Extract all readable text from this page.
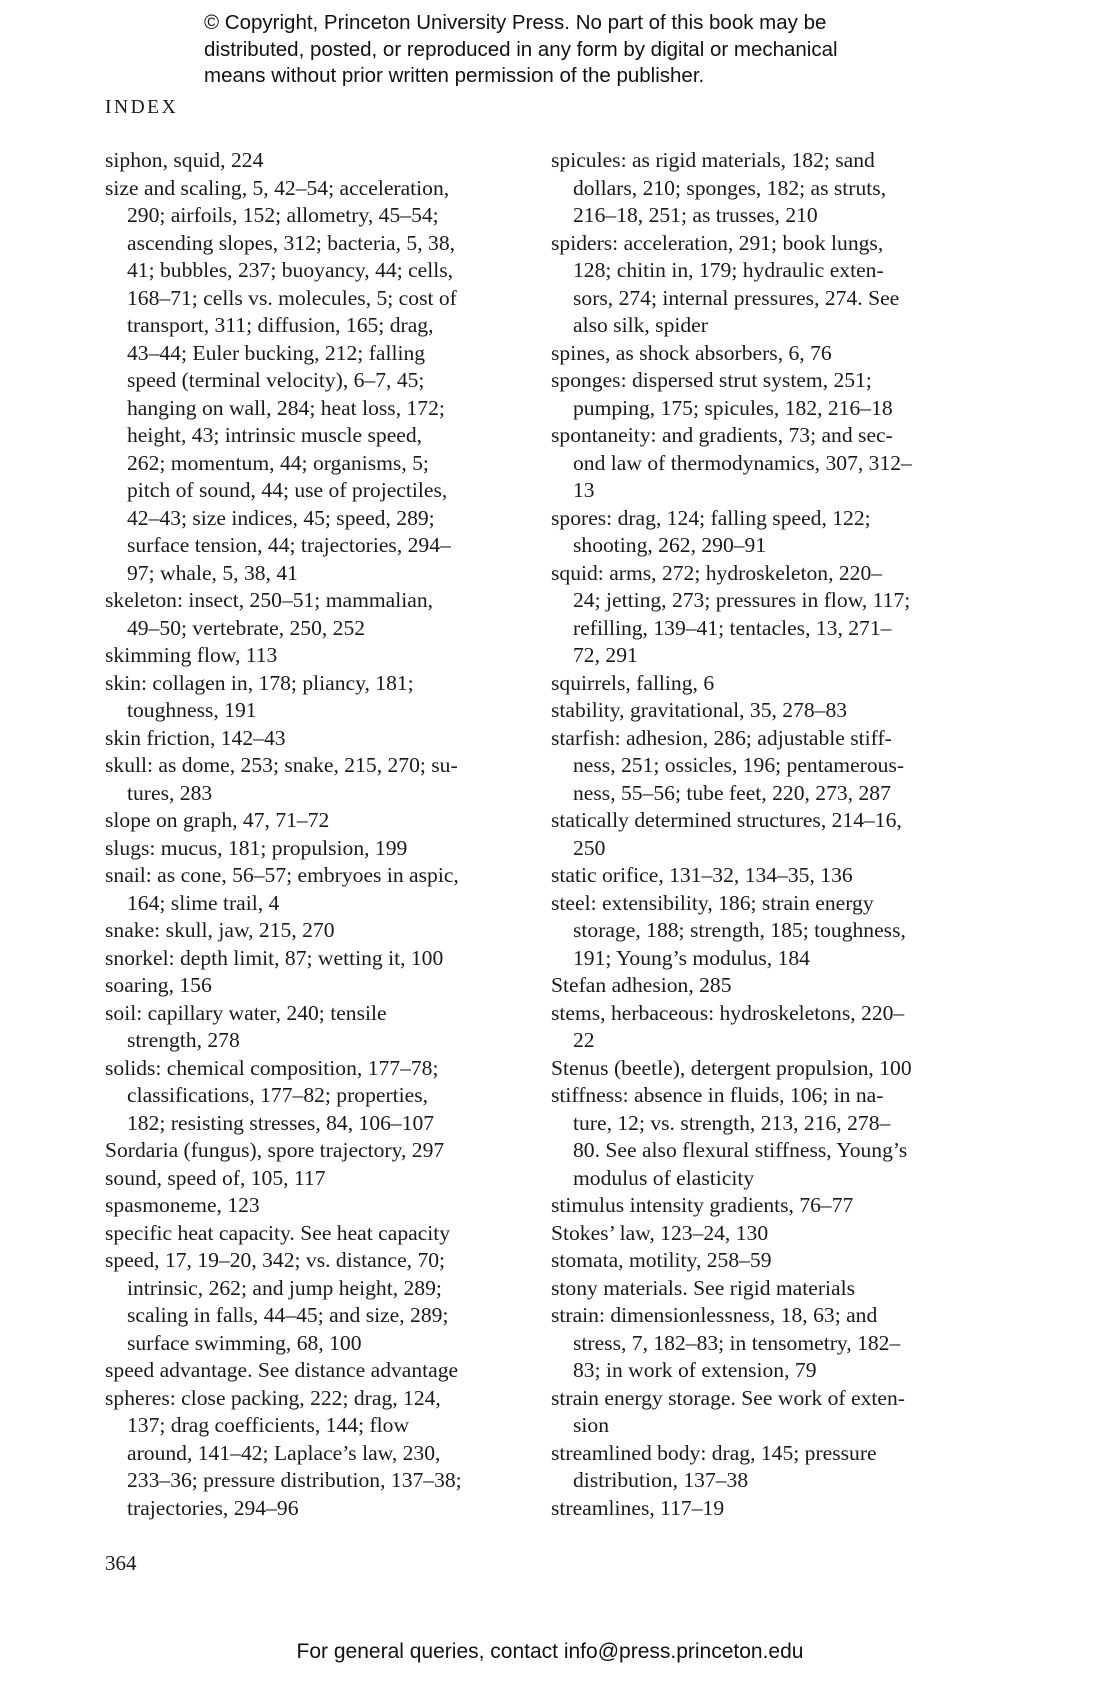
© Copyright, Princeton University Press. No part of this book may be
distributed, posted, or reproduced in any form by digital or mechanical
means without prior written permission of the publisher.
INDEX
siphon, squid, 224
size and scaling, 5, 42–54; acceleration,
290; airfoils, 152; allometry, 45–54;
ascending slopes, 312; bacteria, 5, 38,
41; bubbles, 237; buoyancy, 44; cells,
168–71; cells vs. molecules, 5; cost of
transport, 311; diffusion, 165; drag,
43–44; Euler bucking, 212; falling
speed (terminal velocity), 6–7, 45;
hanging on wall, 284; heat loss, 172;
height, 43; intrinsic muscle speed,
262; momentum, 44; organisms, 5;
pitch of sound, 44; use of projectiles,
42–43; size indices, 45; speed, 289;
surface tension, 44; trajectories, 294–
97; whale, 5, 38, 41
skeleton: insect, 250–51; mammalian,
49–50; vertebrate, 250, 252
skimming flow, 113
skin: collagen in, 178; pliancy, 181;
toughness, 191
skin friction, 142–43
skull: as dome, 253; snake, 215, 270; su-
tures, 283
slope on graph, 47, 71–72
slugs: mucus, 181; propulsion, 199
snail: as cone, 56–57; embryoes in aspic,
164; slime trail, 4
snake: skull, jaw, 215, 270
snorkel: depth limit, 87; wetting it, 100
soaring, 156
soil: capillary water, 240; tensile
strength, 278
solids: chemical composition, 177–78;
classifications, 177–82; properties,
182; resisting stresses, 84, 106–107
Sordaria (fungus), spore trajectory, 297
sound, speed of, 105, 117
spasmoneme, 123
specific heat capacity. See heat capacity
speed, 17, 19–20, 342; vs. distance, 70;
intrinsic, 262; and jump height, 289;
scaling in falls, 44–45; and size, 289;
surface swimming, 68, 100
speed advantage. See distance advantage
spheres: close packing, 222; drag, 124,
137; drag coefficients, 144; flow
around, 141–42; Laplace’s law, 230,
233–36; pressure distribution, 137–38;
trajectories, 294–96
spicules: as rigid materials, 182; sand
dollars, 210; sponges, 182; as struts,
216–18, 251; as trusses, 210
spiders: acceleration, 291; book lungs,
128; chitin in, 179; hydraulic exten-
sors, 274; internal pressures, 274. See
also silk, spider
spines, as shock absorbers, 6, 76
sponges: dispersed strut system, 251;
pumping, 175; spicules, 182, 216–18
spontaneity: and gradients, 73; and sec-
ond law of thermodynamics, 307, 312–
13
spores: drag, 124; falling speed, 122;
shooting, 262, 290–91
squid: arms, 272; hydroskeleton, 220–
24; jetting, 273; pressures in flow, 117;
refilling, 139–41; tentacles, 13, 271–
72, 291
squirrels, falling, 6
stability, gravitational, 35, 278–83
starfish: adhesion, 286; adjustable stiff-
ness, 251; ossicles, 196; pentamerous-
ness, 55–56; tube feet, 220, 273, 287
statically determined structures, 214–16,
250
static orifice, 131–32, 134–35, 136
steel: extensibility, 186; strain energy
storage, 188; strength, 185; toughness,
191; Young’s modulus, 184
Stefan adhesion, 285
stems, herbaceous: hydroskeletons, 220–
22
Stenus (beetle), detergent propulsion, 100
stiffness: absence in fluids, 106; in na-
ture, 12; vs. strength, 213, 216, 278–
80. See also flexural stiffness, Young’s
modulus of elasticity
stimulus intensity gradients, 76–77
Stokes’ law, 123–24, 130
stomata, motility, 258–59
stony materials. See rigid materials
strain: dimensionlessness, 18, 63; and
stress, 7, 182–83; in tensometry, 182–
83; in work of extension, 79
strain energy storage. See work of exten-
sion
streamlined body: drag, 145; pressure
distribution, 137–38
streamlines, 117–19
364
For general queries, contact info@press.princeton.edu
